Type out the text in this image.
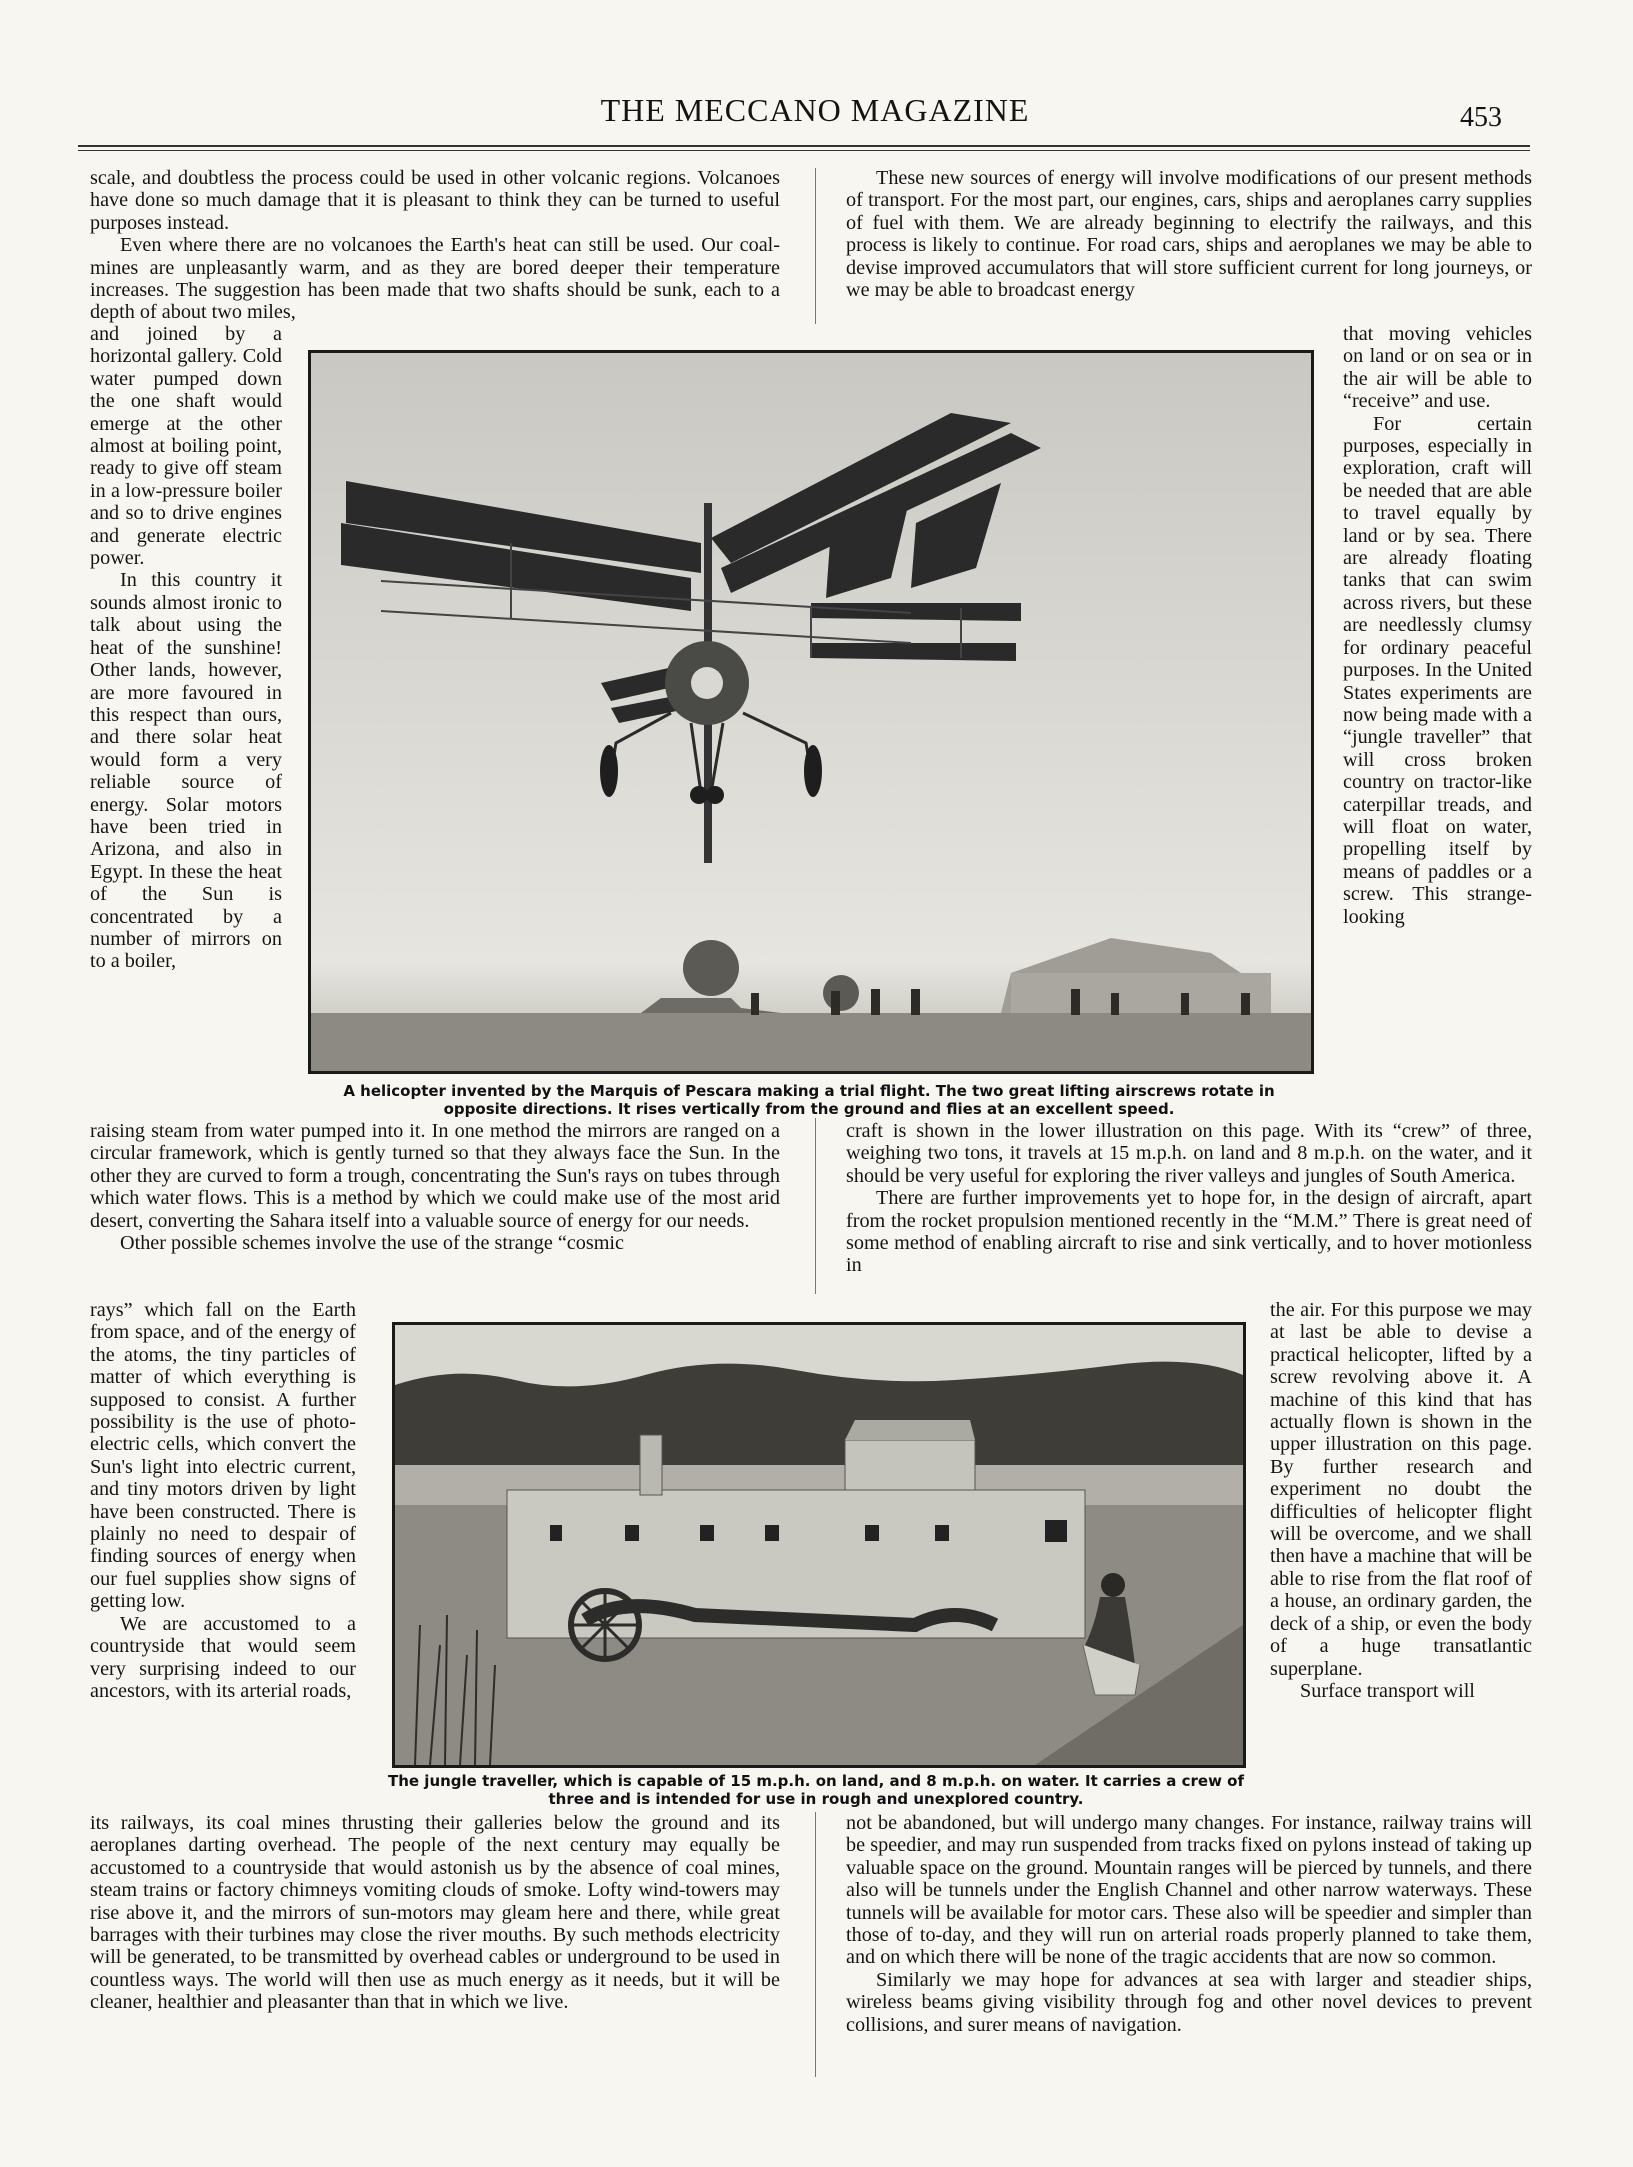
THE MECCANO MAGAZINE	453

scale, and doubtless the process could be used in other volcanic regions. Volcanoes have done so much damage that it is pleasant to think they can be turned to useful purposes instead.

Even where there are no volcanoes the Earth's heat can still be used. Our coal-mines are unpleasantly warm, and as they are bored deeper their temperature increases. The suggestion has been made that two shafts should be sunk, each to a depth of about two miles,

and joined by a horizontal gallery. Cold water pumped down the one shaft would emerge at the other almost at boiling point, ready to give off steam in a low-pressure boiler and so to drive engines and generate electric power.

In this country it sounds almost ironic to talk about using the heat of the sunshine! Other lands, however, are more favoured in this respect than ours, and there solar heat would form a very reliable source of energy. Solar motors have been tried in Arizona, and also in Egypt. In these the heat of the Sun is concentrated by a number of mirrors on to a boiler,

raising steam from water pumped into it. In one method the mirrors are ranged on a circular framework, which is gently turned so that they always face the Sun. In the other they are curved to form a trough, concentrating the Sun's rays on tubes through which water flows. This is a method by which we could make use of the most arid desert, converting the Sahara itself into a valuable source of energy for our needs.

Other possible schemes involve the use of the strange “cosmic

rays” which fall on the Earth from space, and of the energy of the atoms, the tiny particles of matter of which everything is supposed to consist. A further possibility is the use of photo-electric cells, which convert the Sun's light into electric current, and tiny motors driven by light have been constructed. There is plainly no need to despair of finding sources of energy when our fuel supplies show signs of getting low.

We are accustomed to a countryside that would seem very surprising indeed to our ancestors, with its arterial roads,

its railways, its coal mines thrusting their galleries below the ground and its aeroplanes darting overhead. The people of the next century may equally be accustomed to a countryside that would astonish us by the absence of coal mines, steam trains or factory chimneys vomiting clouds of smoke. Lofty wind-towers may rise above it, and the mirrors of sun-motors may gleam here and there, while great barrages with their turbines may close the river mouths. By such methods electricity will be generated, to be transmitted by overhead cables or underground to be used in countless ways. The world will then use as much energy as it needs, but it will be cleaner, healthier and pleasanter than that in which we live.

These new sources of energy will involve modifications of our present methods of transport. For the most part, our engines, cars, ships and aeroplanes carry supplies of fuel with them. We are already beginning to electrify the railways, and this process is likely to continue. For road cars, ships and aeroplanes we may be able to devise improved accumulators that will store sufficient current for long journeys, or we may be able to broadcast energy

that moving vehicles on land or on sea or in the air will be able to “receive” and use.

For certain purposes, especially in exploration, craft will be needed that are able to travel equally by land or by sea. There are already floating tanks that can swim across rivers, but these are needlessly clumsy for ordinary peaceful purposes. In the United States experiments are now being made with a “jungle traveller” that will cross broken country on tractor-like caterpillar treads, and will float on water, propelling itself by means of paddles or a screw. This strange-looking

craft is shown in the lower illustration on this page. With its “crew” of three, weighing two tons, it travels at 15 m.p.h. on land and 8 m.p.h. on the water, and it should be very useful for exploring the river valleys and jungles of South America.

There are further improvements yet to hope for, in the design of aircraft, apart from the rocket propulsion mentioned recently in the “M.M.” There is great need of some method of enabling aircraft to rise and sink vertically, and to hover motionless in

the air. For this purpose we may at last be able to devise a practical helicopter, lifted by a screw revolving above it. A machine of this kind that has actually flown is shown in the upper illustration on this page. By further research and experiment no doubt the difficulties of helicopter flight will be overcome, and we shall then have a machine that will be able to rise from the flat roof of a house, an ordinary garden, the deck of a ship, or even the body of a huge transatlantic superplane.

Surface transport will

not be abandoned, but will undergo many changes. For instance, railway trains will be speedier, and may run suspended from tracks fixed on pylons instead of taking up valuable space on the ground. Mountain ranges will be pierced by tunnels, and there also will be tunnels under the English Channel and other narrow waterways. These tunnels will be available for motor cars. These also will be speedier and simpler than those of to-day, and they will run on arterial roads properly planned to take them, and on which there will be none of the tragic accidents that are now so common.

Similarly we may hope for advances at sea with larger and steadier ships, wireless beams giving visibility through fog and other novel devices to prevent collisions, and surer means of navigation.

A helicopter invented by the Marquis of Pescara making a trial flight. The two great lifting airscrews rotate in opposite directions. It rises vertically from the ground and flies at an excellent speed.
The jungle traveller, which is capable of 15 m.p.h. on land, and 8 m.p.h. on water. It carries a crew of three and is intended for use in rough and unexplored country.
